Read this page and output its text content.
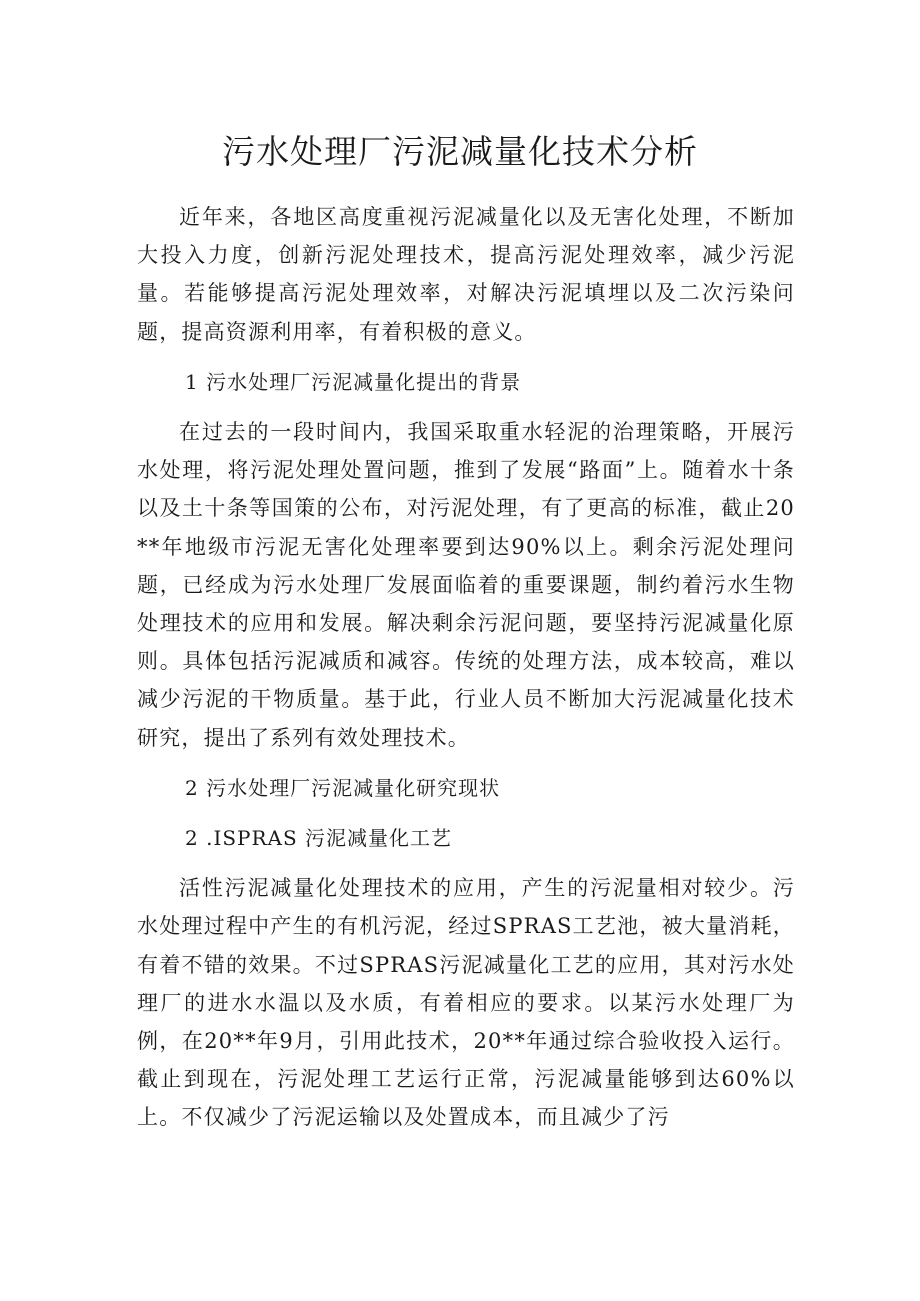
污水处理厂污泥减量化技术分析

近年来，各地区高度重视污泥减量化以及无害化处理，不断加大投入力度，创新污泥处理技术，提高污泥处理效率，减少污泥量。若能够提高污泥处理效率，对解决污泥填埋以及二次污染问题，提高资源利用率，有着积极的意义。

1 污水处理厂污泥减量化提出的背景

在过去的一段时间内，我国采取重水轻泥的治理策略，开展污水处理，将污泥处理处置问题，推到了发展“路面”上。随着水十条以及土十条等国策的公布，对污泥处理，有了更高的标准，截止20**年地级市污泥无害化处理率要到达90%以上。剩余污泥处理问题，已经成为污水处理厂发展面临着的重要课题，制约着污水生物处理技术的应用和发展。解决剩余污泥问题，要坚持污泥减量化原则。具体包括污泥减质和减容。传统的处理方法，成本较高，难以减少污泥的干物质量。基于此，行业人员不断加大污泥减量化技术研究，提出了系列有效处理技术。

2 污水处理厂污泥减量化研究现状

2 .ISPRAS 污泥减量化工艺

活性污泥减量化处理技术的应用，产生的污泥量相对较少。污水处理过程中产生的有机污泥，经过SPRAS工艺池，被大量消耗，有着不错的效果。不过SPRAS污泥减量化工艺的应用，其对污水处理厂的进水水温以及水质，有着相应的要求。以某污水处理厂为例，在20**年9月，引用此技术，20**年通过综合验收投入运行。截止到现在，污泥处理工艺运行正常，污泥减量能够到达60%以上。不仅减少了污泥运输以及处置成本，而且减少了污
